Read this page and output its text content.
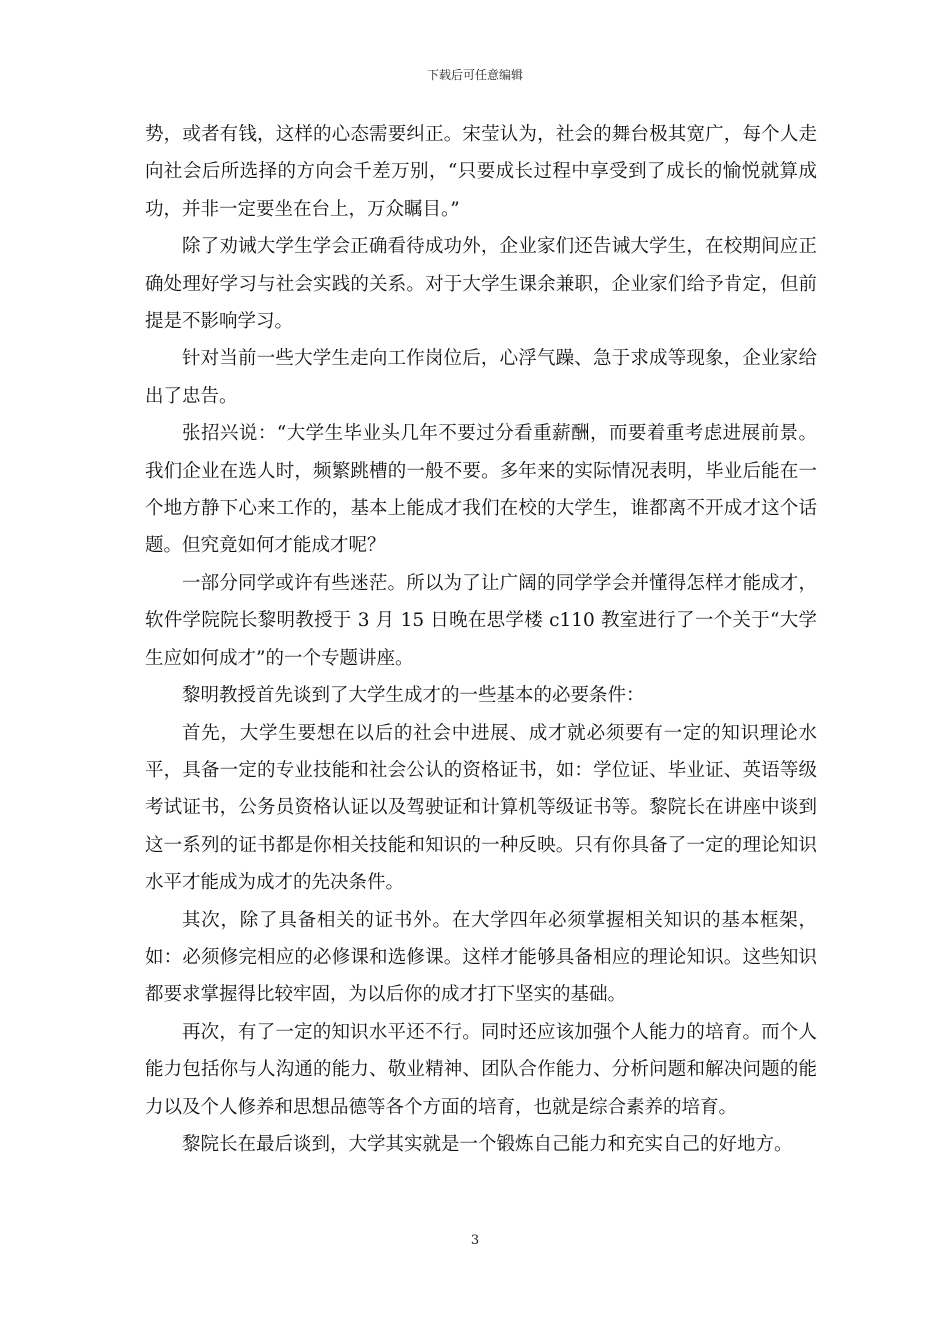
下载后可任意编辑

势，或者有钱，这样的心态需要纠正。宋莹认为，社会的舞台极其宽广，每个人走向社会后所选择的方向会千差万别，“只要成长过程中享受到了成长的愉悦就算成功，并非一定要坐在台上，万众瞩目。”

除了劝诫大学生学会正确看待成功外，企业家们还告诫大学生，在校期间应正确处理好学习与社会实践的关系。对于大学生课余兼职，企业家们给予肯定，但前提是不影响学习。

针对当前一些大学生走向工作岗位后，心浮气躁、急于求成等现象，企业家给出了忠告。

张招兴说：“大学生毕业头几年不要过分看重薪酬，而要着重考虑进展前景。我们企业在选人时，频繁跳槽的一般不要。多年来的实际情况表明，毕业后能在一个地方静下心来工作的，基本上能成才我们在校的大学生，谁都离不开成才这个话题。但究竟如何才能成才呢？

一部分同学或许有些迷茫。所以为了让广阔的同学学会并懂得怎样才能成才，软件学院院长黎明教授于 3 月 15 日晚在思学楼 c110 教室进行了一个关于“大学生应如何成才”的一个专题讲座。

黎明教授首先谈到了大学生成才的一些基本的必要条件：

首先，大学生要想在以后的社会中进展、成才就必须要有一定的知识理论水平，具备一定的专业技能和社会公认的资格证书，如：学位证、毕业证、英语等级考试证书，公务员资格认证以及驾驶证和计算机等级证书等。黎院长在讲座中谈到这一系列的证书都是你相关技能和知识的一种反映。只有你具备了一定的理论知识水平才能成为成才的先决条件。

其次，除了具备相关的证书外。在大学四年必须掌握相关知识的基本框架，如：必须修完相应的必修课和选修课。这样才能够具备相应的理论知识。这些知识都要求掌握得比较牢固，为以后你的成才打下坚实的基础。

再次，有了一定的知识水平还不行。同时还应该加强个人能力的培育。而个人能力包括你与人沟通的能力、敬业精神、团队合作能力、分析问题和解决问题的能力以及个人修养和思想品德等各个方面的培育，也就是综合素养的培育。

黎院长在最后谈到，大学其实就是一个锻炼自己能力和充实自己的好地方。

3
